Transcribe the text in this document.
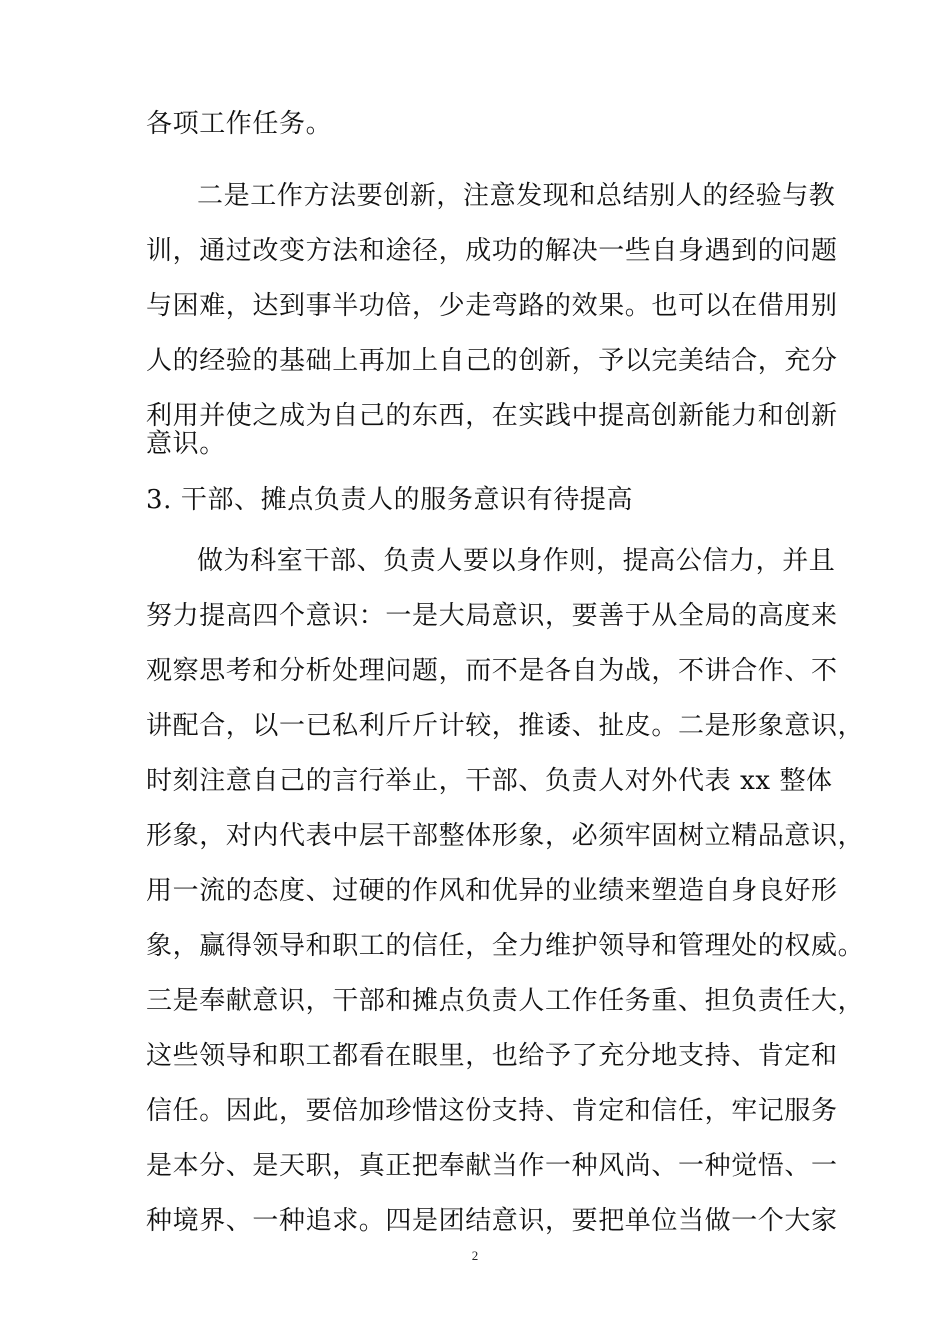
各项工作任务。
二是工作方法要创新，注意发现和总结别人的经验与教
训，通过改变方法和途径，成功的解决一些自身遇到的问题
与困难，达到事半功倍，少走弯路的效果。也可以在借用别
人的经验的基础上再加上自己的创新，予以完美结合，充分
利用并使之成为自己的东西，在实践中提高创新能力和创新
意识。
3. 干部、摊点负责人的服务意识有待提高
做为科室干部、负责人要以身作则，提高公信力，并且
努力提高四个意识：一是大局意识，要善于从全局的高度来
观察思考和分析处理问题，而不是各自为战，不讲合作、不
讲配合，以一已私利斤斤计较，推诿、扯皮。二是形象意识，
时刻注意自己的言行举止，干部、负责人对外代表 xx 整体
形象，对内代表中层干部整体形象，必须牢固树立精品意识，
用一流的态度、过硬的作风和优异的业绩来塑造自身良好形
象，赢得领导和职工的信任，全力维护领导和管理处的权威。
三是奉献意识，干部和摊点负责人工作任务重、担负责任大，
这些领导和职工都看在眼里，也给予了充分地支持、肯定和
信任。因此，要倍加珍惜这份支持、肯定和信任，牢记服务
是本分、是天职，真正把奉献当作一种风尚、一种觉悟、一
种境界、一种追求。四是团结意识，要把单位当做一个大家
2
